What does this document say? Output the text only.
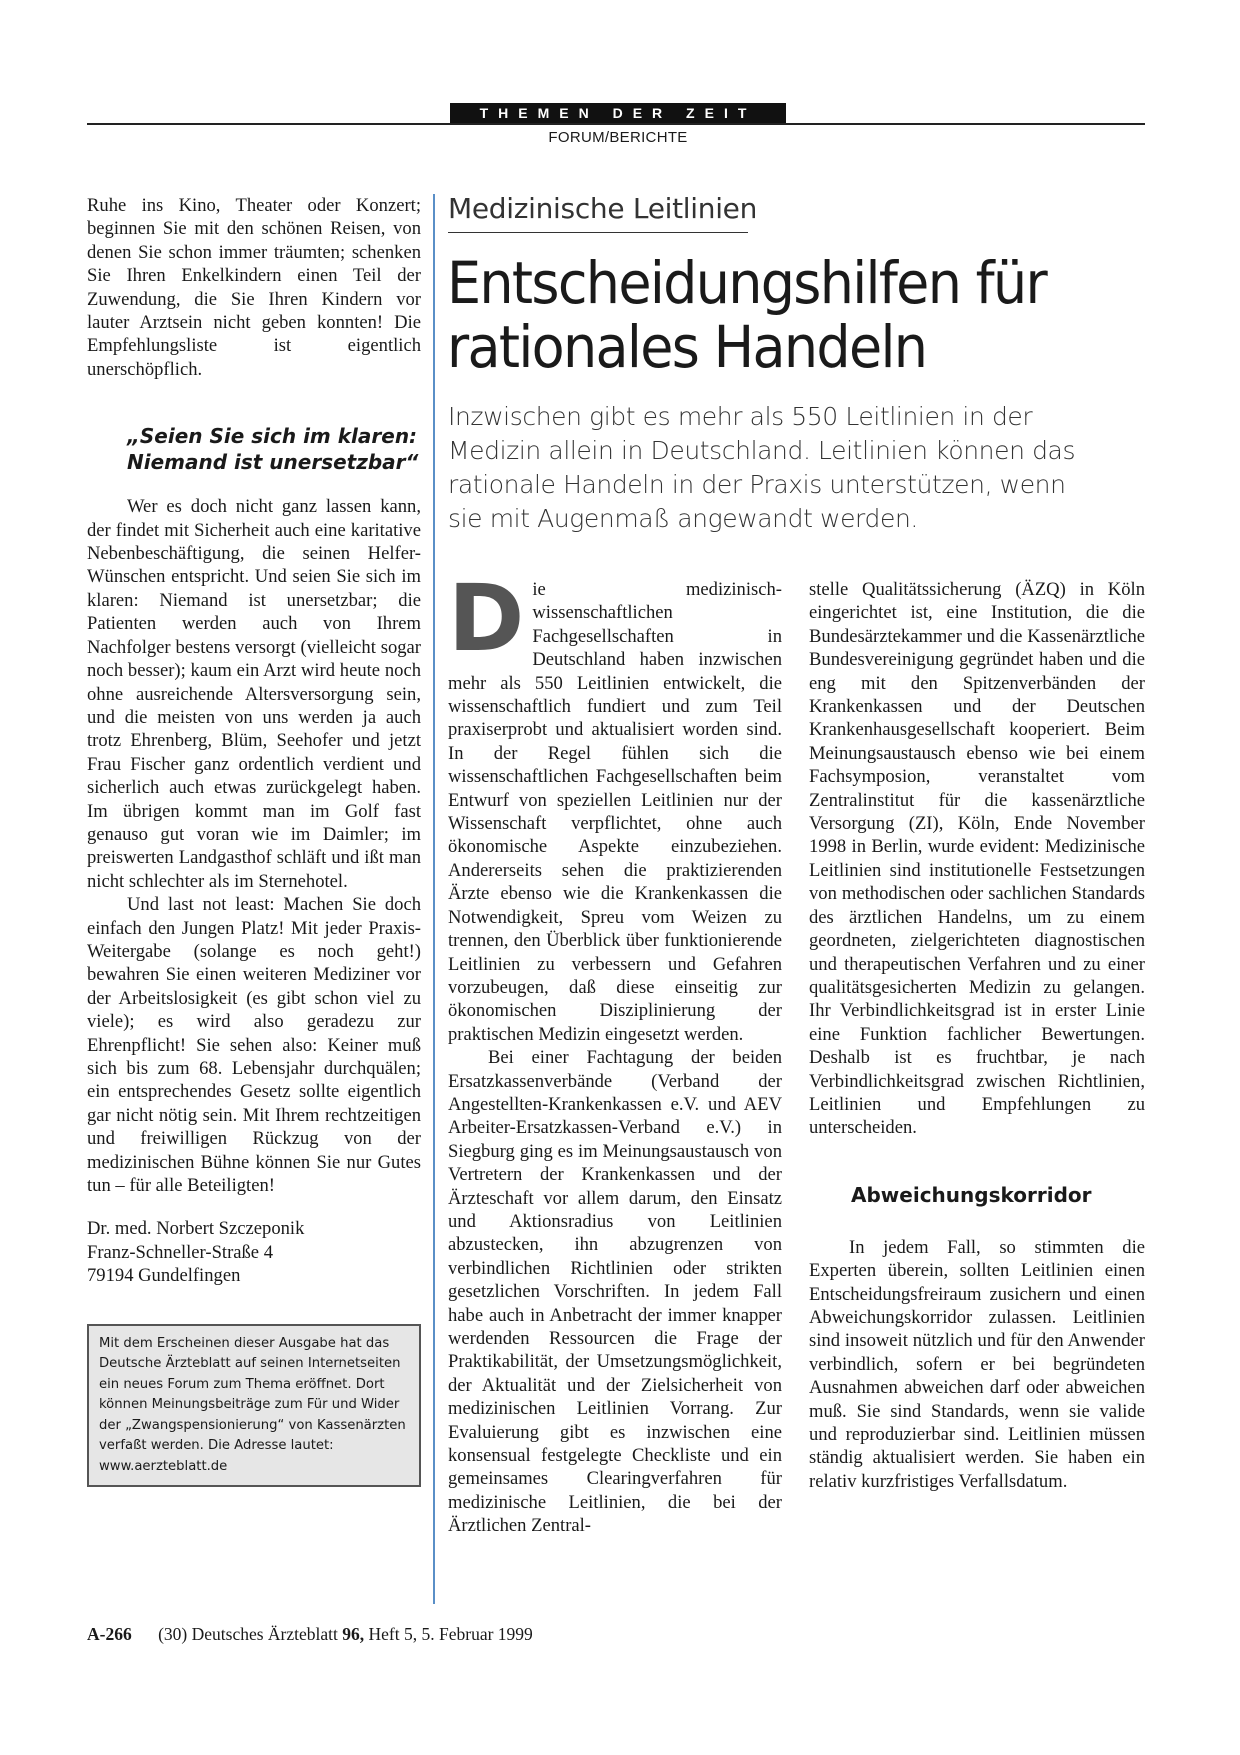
THEMEN DER ZEIT
FORUM/BERICHTE

Ruhe ins Kino, Theater oder Konzert; beginnen Sie mit den schönen Reisen, von denen Sie schon immer träumten; schenken Sie Ihren Enkelkindern einen Teil der Zuwendung, die Sie Ihren Kindern vor lauter Arztsein nicht geben konnten! Die Empfehlungsliste ist eigentlich unerschöpflich.

„Seien Sie sich im klaren: Niemand ist unersetzbar“

Wer es doch nicht ganz lassen kann, der findet mit Sicherheit auch eine karitative Nebenbeschäftigung, die seinen Helfer-Wünschen entspricht. Und seien Sie sich im klaren: Niemand ist unersetzbar; die Patienten werden auch von Ihrem Nachfolger bestens versorgt (vielleicht sogar noch besser); kaum ein Arzt wird heute noch ohne ausreichende Altersversorgung sein, und die meisten von uns werden ja auch trotz Ehrenberg, Blüm, Seehofer und jetzt Frau Fischer ganz ordentlich verdient und sicherlich auch etwas zurückgelegt haben. Im übrigen kommt man im Golf fast genauso gut voran wie im Daimler; im preiswerten Landgasthof schläft und ißt man nicht schlechter als im Sternehotel.

Und last not least: Machen Sie doch einfach den Jungen Platz! Mit jeder Praxis-Weitergabe (solange es noch geht!) bewahren Sie einen weiteren Mediziner vor der Arbeitslosigkeit (es gibt schon viel zu viele); es wird also geradezu zur Ehrenpflicht! Sie sehen also: Keiner muß sich bis zum 68. Lebensjahr durchquälen; ein entsprechendes Gesetz sollte eigentlich gar nicht nötig sein. Mit Ihrem rechtzeitigen und freiwilligen Rückzug von der medizinischen Bühne können Sie nur Gutes tun – für alle Beteiligten!

Dr. med. Norbert Szczeponik
Franz-Schneller-Straße 4
79194 Gundelfingen
Mit dem Erscheinen dieser Ausgabe hat das Deutsche Ärzteblatt auf seinen Internetseiten ein neues Forum zum Thema eröffnet. Dort können Meinungsbeiträge zum Für und Wider der „Zwangspensionierung“ von Kassenärzten verfaßt werden. Die Adresse lautet: www.aerzteblatt.de
Medizinische Leitlinien
Entscheidungshilfen für rationales Handeln

Inzwischen gibt es mehr als 550 Leitlinien in der Medizin allein in Deutschland. Leitlinien können das rationale Handeln in der Praxis unterstützen, wenn sie mit Augenmaß angewandt werden.

Die medizinisch-wissenschaftlichen Fachgesellschaften in Deutschland haben inzwischen mehr als 550 Leitlinien entwickelt, die wissenschaftlich fundiert und zum Teil praxiserprobt und aktualisiert worden sind. In der Regel fühlen sich die wissenschaftlichen Fachgesellschaften beim Entwurf von speziellen Leitlinien nur der Wissenschaft verpflichtet, ohne auch ökonomische Aspekte einzubeziehen. Andererseits sehen die praktizierenden Ärzte ebenso wie die Krankenkassen die Notwendigkeit, Spreu vom Weizen zu trennen, den Überblick über funktionierende Leitlinien zu verbessern und Gefahren vorzubeugen, daß diese einseitig zur ökonomischen Disziplinierung der praktischen Medizin eingesetzt werden.

Bei einer Fachtagung der beiden Ersatzkassenverbände (Verband der Angestellten-Krankenkassen e.V. und AEV Arbeiter-Ersatzkassen-Verband e.V.) in Siegburg ging es im Meinungsaustausch von Vertretern der Krankenkassen und der Ärzteschaft vor allem darum, den Einsatz und Aktionsradius von Leitlinien abzustecken, ihn abzugrenzen von verbindlichen Richtlinien oder strikten gesetzlichen Vorschriften. In jedem Fall habe auch in Anbetracht der immer knapper werdenden Ressourcen die Frage der Praktikabilität, der Umsetzungsmöglichkeit, der Aktualität und der Zielsicherheit von medizinischen Leitlinien Vorrang. Zur Evaluierung gibt es inzwischen eine konsensual festgelegte Checkliste und ein gemeinsames Clearingverfahren für medizinische Leitlinien, die bei der Ärztlichen Zentral-

stelle Qualitätssicherung (ÄZQ) in Köln eingerichtet ist, eine Institution, die die Bundesärztekammer und die Kassenärztliche Bundesvereinigung gegründet haben und die eng mit den Spitzenverbänden der Krankenkassen und der Deutschen Krankenhausgesellschaft kooperiert. Beim Meinungsaustausch ebenso wie bei einem Fachsymposion, veranstaltet vom Zentralinstitut für die kassenärztliche Versorgung (ZI), Köln, Ende November 1998 in Berlin, wurde evident: Medizinische Leitlinien sind institutionelle Festsetzungen von methodischen oder sachlichen Standards des ärztlichen Handelns, um zu einem geordneten, zielgerichteten diagnostischen und therapeutischen Verfahren und zu einer qualitätsgesicherten Medizin zu gelangen. Ihr Verbindlichkeitsgrad ist in erster Linie eine Funktion fachlicher Bewertungen. Deshalb ist es fruchtbar, je nach Verbindlichkeitsgrad zwischen Richtlinien, Leitlinien und Empfehlungen zu unterscheiden.

Abweichungskorridor

In jedem Fall, so stimmten die Experten überein, sollten Leitlinien einen Entscheidungsfreiraum zusichern und einen Abweichungskorridor zulassen. Leitlinien sind insoweit nützlich und für den Anwender verbindlich, sofern er bei begründeten Ausnahmen abweichen darf oder abweichen muß. Sie sind Standards, wenn sie valide und reproduzierbar sind. Leitlinien müssen ständig aktualisiert werden. Sie haben ein relativ kurzfristiges Verfallsdatum.

A-266 (30) Deutsches Ärzteblatt 96, Heft 5, 5. Februar 1999
